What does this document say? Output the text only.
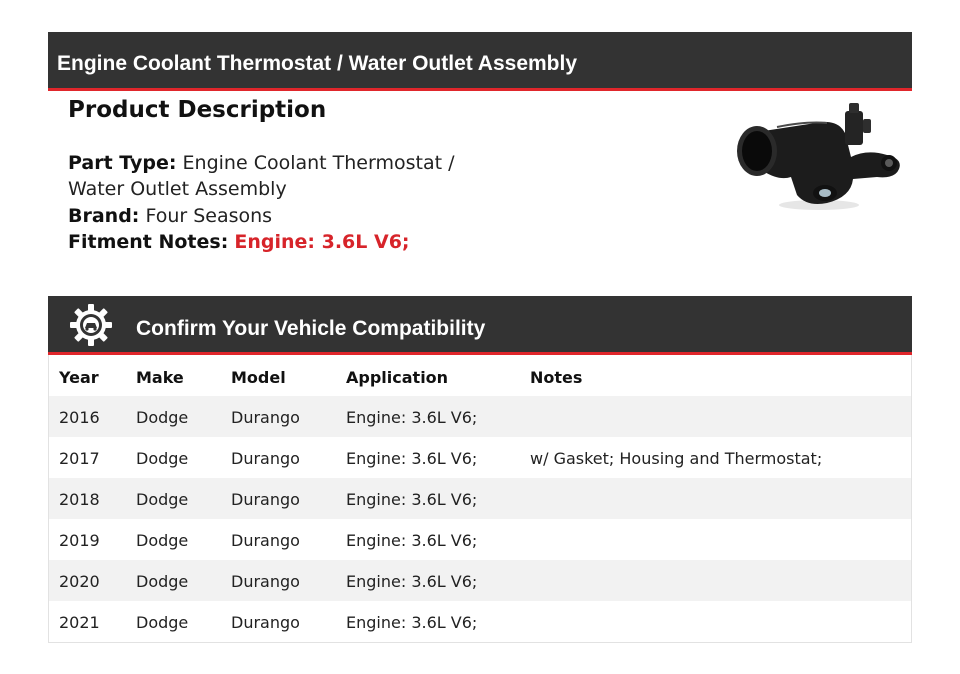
Engine Coolant Thermostat / Water Outlet Assembly
Product Description
Part Type: Engine Coolant Thermostat /
Water Outlet Assembly
Brand: Four Seasons
Fitment Notes: Engine: 3.6L V6;
Confirm Your Vehicle Compatibility
Year Make	Model	Application	Notes
2016 Dodge	Durango	Engine: 3.6L V6;
2017 Dodge	Durango	Engine: 3.6L V6;	w/ Gasket; Housing and Thermostat;
2018 Dodge	Durango	Engine: 3.6L V6;
2019 Dodge	Durango	Engine: 3.6L V6;
2020 Dodge	Durango	Engine: 3.6L V6;
2021 Dodge	Durango	Engine: 3.6L V6;
